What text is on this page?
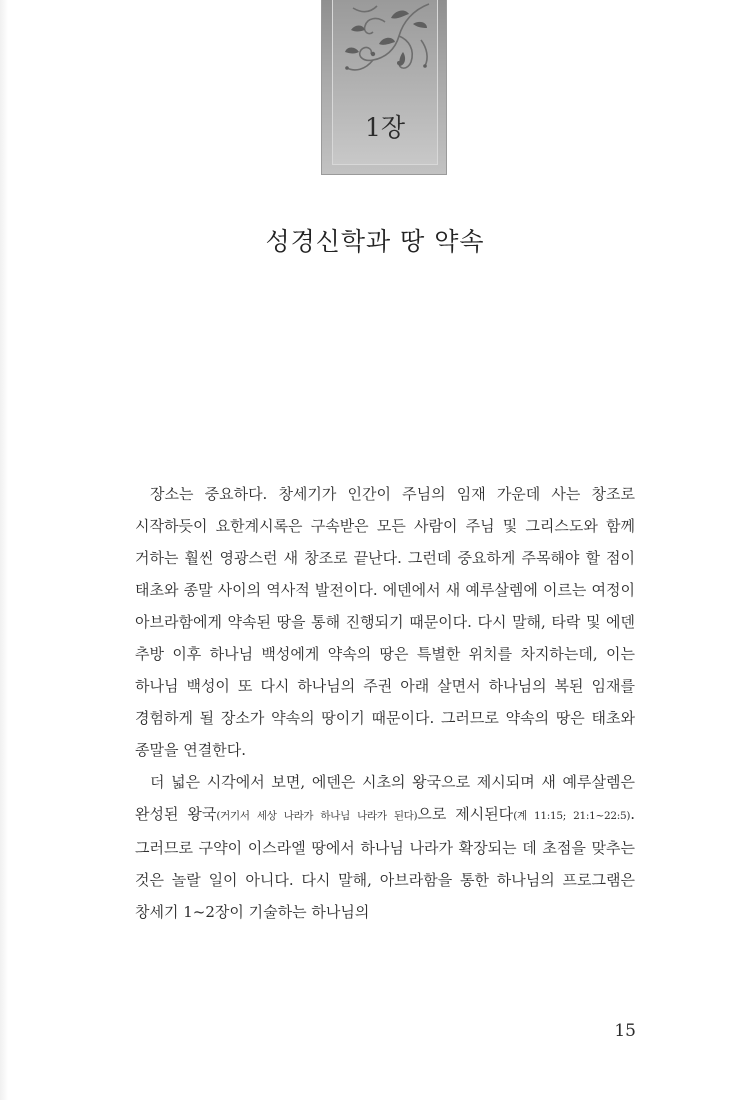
1장
성경신학과 땅 약속

장소는 중요하다. 창세기가 인간이 주님의 임재 가운데 사는 창조로 시작하듯이 요한계시록은 구속받은 모든 사람이 주님 및 그리스도와 함께 거하는 훨씬 영광스런 새 창조로 끝난다. 그런데 중요하게 주목해야 할 점이 태초와 종말 사이의 역사적 발전이다. 에덴에서 새 예루살렘에 이르는 여정이 아브라함에게 약속된 땅을 통해 진행되기 때문이다. 다시 말해, 타락 및 에덴 추방 이후 하나님 백성에게 약속의 땅은 특별한 위치를 차지하는데, 이는 하나님 백성이 또 다시 하나님의 주권 아래 살면서 하나님의 복된 임재를 경험하게 될 장소가 약속의 땅이기 때문이다. 그러므로 약속의 땅은 태초와 종말을 연결한다.

더 넓은 시각에서 보면, 에덴은 시초의 왕국으로 제시되며 새 예루살렘은 완성된 왕국(거기서 세상 나라가 하나님 나라가 된다)으로 제시된다(계 11:15; 21:1~22:5). 그러므로 구약이 이스라엘 땅에서 하나님 나라가 확장되는 데 초점을 맞추는 것은 놀랄 일이 아니다. 다시 말해, 아브라함을 통한 하나님의 프로그램은 창세기 1~2장이 기술하는 하나님의

15
